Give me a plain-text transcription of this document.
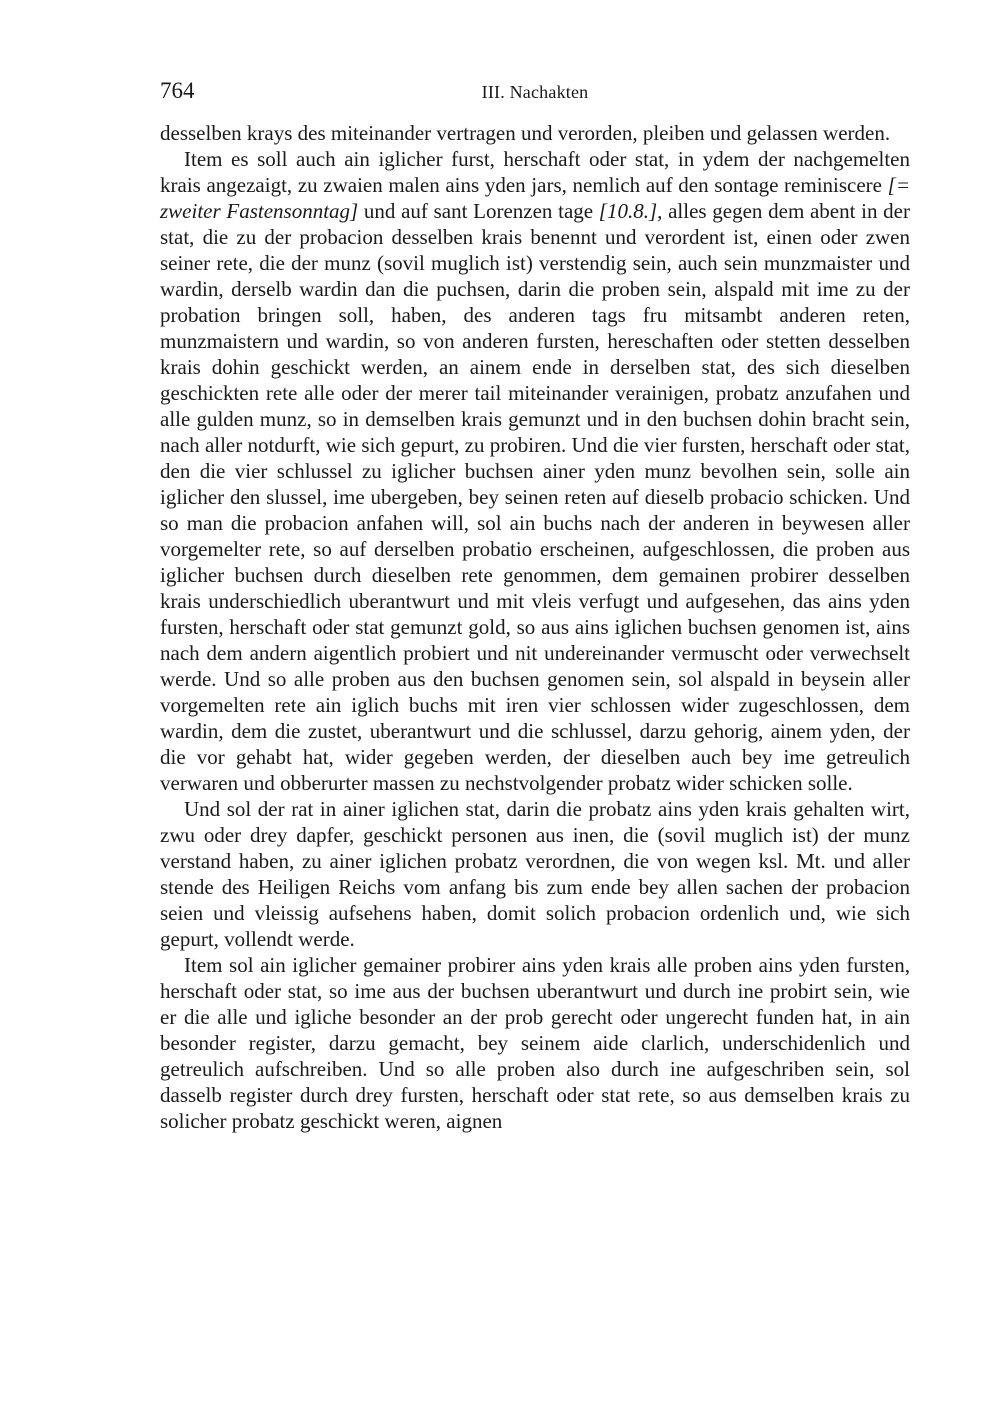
764	III. Nachakten

desselben krays des miteinander vertragen und verorden, pleiben und gelassen werden.

Item es soll auch ain iglicher furst, herschaft oder stat, in ydem der nachgemelten krais angezaigt, zu zwaien malen ains yden jars, nemlich auf den sontage reminiscere [= zweiter Fastensonntag] und auf sant Lorenzen tage [10.8.], alles gegen dem abent in der stat, die zu der probacion desselben krais benennt und verordent ist, einen oder zwen seiner rete, die der munz (sovil muglich ist) verstendig sein, auch sein munzmaister und wardin, derselb wardin dan die puchsen, darin die proben sein, alspald mit ime zu der probation bringen soll, haben, des anderen tags fru mitsambt anderen reten, munzmaistern und wardin, so von anderen fursten, hereschaften oder stetten desselben krais dohin geschickt werden, an ainem ende in derselben stat, des sich dieselben geschickten rete alle oder der merer tail miteinander verainigen, probatz anzufahen und alle gulden munz, so in demselben krais gemunzt und in den buchsen dohin bracht sein, nach aller notdurft, wie sich gepurt, zu probiren. Und die vier fursten, herschaft oder stat, den die vier schlussel zu iglicher buchsen ainer yden munz bevolhen sein, solle ain iglicher den slussel, ime ubergeben, bey seinen reten auf dieselb probacio schicken. Und so man die probacion anfahen will, sol ain buchs nach der anderen in beywesen aller vorgemelter rete, so auf derselben probatio erscheinen, aufgeschlossen, die proben aus iglicher buchsen durch dieselben rete genommen, dem gemainen probirer desselben krais underschiedlich uberantwurt und mit vleis verfugt und aufgesehen, das ains yden fursten, herschaft oder stat gemunzt gold, so aus ains iglichen buchsen genomen ist, ains nach dem andern aigentlich probiert und nit undereinander vermuscht oder verwechselt werde. Und so alle proben aus den buchsen genomen sein, sol alspald in beysein aller vorgemelten rete ain iglich buchs mit iren vier schlossen wider zugeschlossen, dem wardin, dem die zustet, uberantwurt und die schlussel, darzu gehorig, ainem yden, der die vor gehabt hat, wider gegeben werden, der dieselben auch bey ime getreulich verwaren und obberurter massen zu nechstvolgender probatz wider schicken solle.

Und sol der rat in ainer iglichen stat, darin die probatz ains yden krais gehalten wirt, zwu oder drey dapfer, geschickt personen aus inen, die (sovil muglich ist) der munz verstand haben, zu ainer iglichen probatz verordnen, die von wegen ksl. Mt. und aller stende des Heiligen Reichs vom anfang bis zum ende bey allen sachen der probacion seien und vleissig aufsehens haben, domit solich probacion ordenlich und, wie sich gepurt, vollendt werde.

Item sol ain iglicher gemainer probirer ains yden krais alle proben ains yden fursten, herschaft oder stat, so ime aus der buchsen uberantwurt und durch ine probirt sein, wie er die alle und igliche besonder an der prob gerecht oder ungerecht funden hat, in ain besonder register, darzu gemacht, bey seinem aide clarlich, underschidenlich und getreulich aufschreiben. Und so alle proben also durch ine aufgeschriben sein, sol dasselb register durch drey fursten, herschaft oder stat rete, so aus demselben krais zu solicher probatz geschickt weren, aignen
